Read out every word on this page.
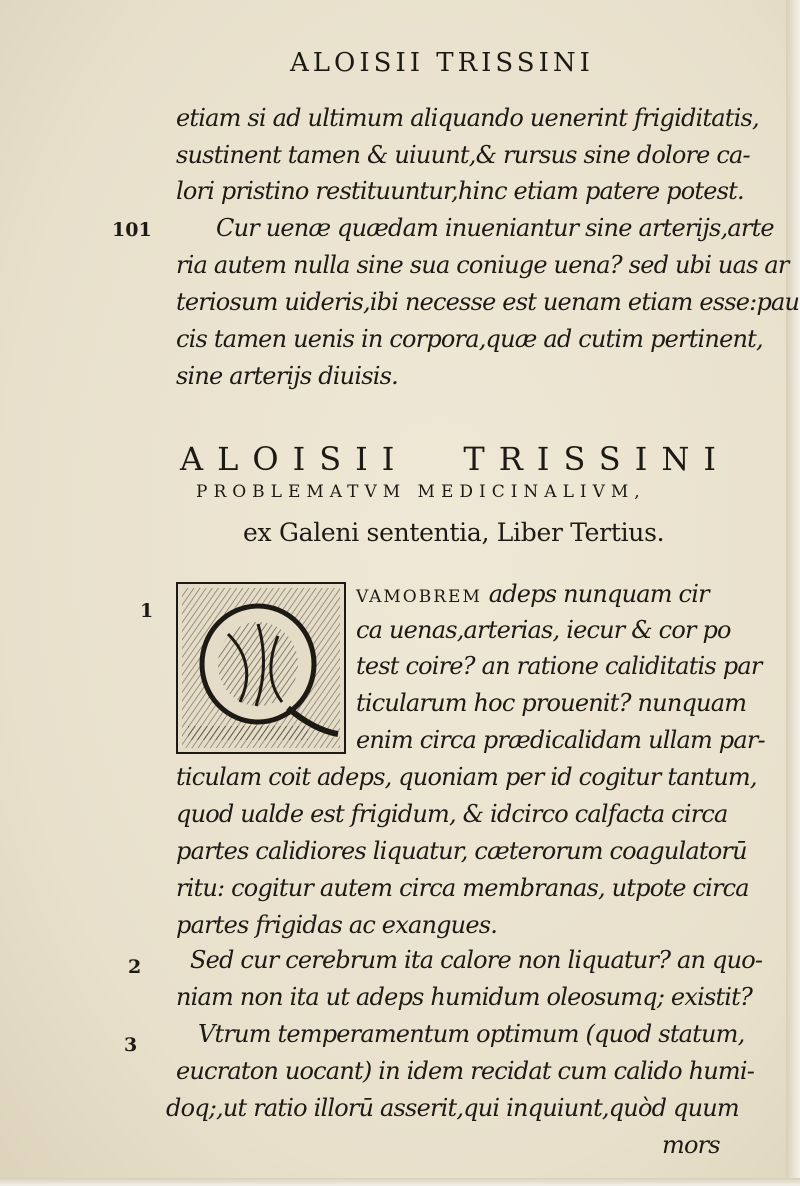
ALOISII TRISSINI
etiam si ad ultimum aliquando uenerint frigiditatis,
sustinent tamen & uiuunt,& rursus sine dolore ca-
lori pristino restituuntur,hinc etiam patere potest.
101	Cur uenæ quædam inueniantur sine arterijs,arte
ria autem nulla sine sua coniuge uena? sed ubi uas ar
teriosum uideris,ibi necesse est uenam etiam esse:pau
cis tamen uenis in corpora,quæ ad cutim pertinent,
sine arterijs diuisis.
ALOISII TRISSINI
PROBLEMATVM MEDICINALIVM,
ex Galeni sententia, Liber Tertius.
1
VAMOBREM adeps nunquam cir
ca uenas,arterias, iecur & cor po
test coire? an ratione caliditatis par
ticularum hoc prouenit? nunquam
enim circa prædicalidam ullam par-
ticulam coit adeps, quoniam per id cogitur tantum,
quod ualde est frigidum, & idcirco calfacta circa
partes calidiores liquatur, cæterorum coagulatorū
ritu: cogitur autem circa membranas, utpote circa
partes frigidas ac exangues.
2 Sed cur cerebrum ita calore non liquatur? an quo-
niam non ita ut adeps humidum oleosumq; existit?
3	Vtrum temperamentum optimum (quod statum,
eucraton uocant) in idem recidat cum calido humi-
doq;,ut ratio illorū asserit,qui inquiunt,quòd quum
mors
